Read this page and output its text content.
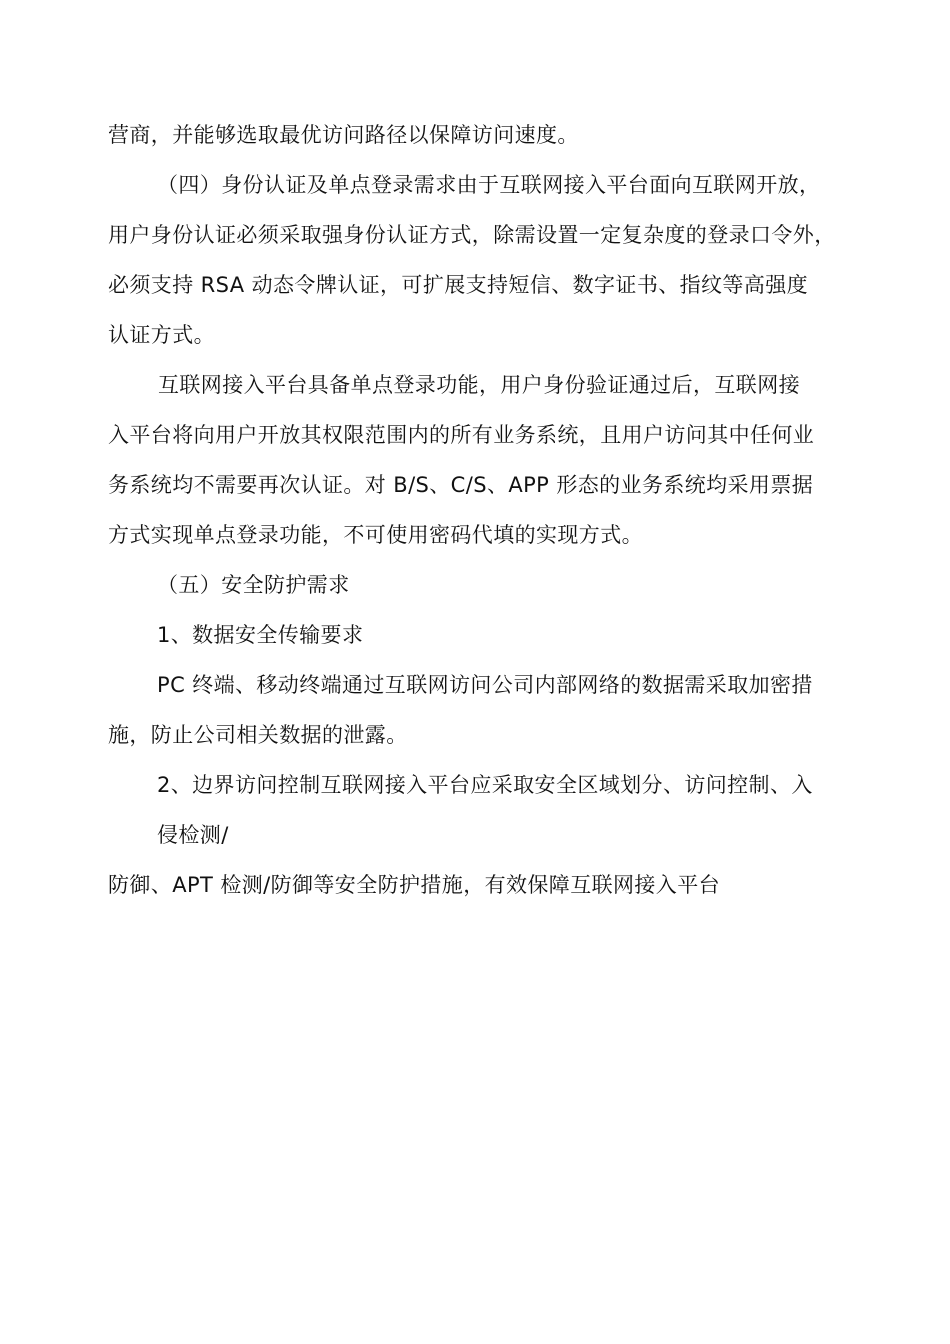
营商，并能够选取最优访问路径以保障访问速度。
（四）身份认证及单点登录需求由于互联网接入平台面向互联网开放，
用户身份认证必须采取强身份认证方式，除需设置一定复杂度的登录口令外，
必须支持 RSA 动态令牌认证，可扩展支持短信、数字证书、指纹等高强度
认证方式。
互联网接入平台具备单点登录功能，用户身份验证通过后，互联网接
入平台将向用户开放其权限范围内的所有业务系统，且用户访问其中任何业
务系统均不需要再次认证。对 B/S、C/S、APP 形态的业务系统均采用票据
方式实现单点登录功能，不可使用密码代填的实现方式。
（五）安全防护需求
1、数据安全传输要求
PC 终端、移动终端通过互联网访问公司内部网络的数据需采取加密措
施，防止公司相关数据的泄露。
2、边界访问控制互联网接入平台应采取安全区域划分、访问控制、入
侵检测/
防御、APT 检测/防御等安全防护措施，有效保障互联网接入平台
